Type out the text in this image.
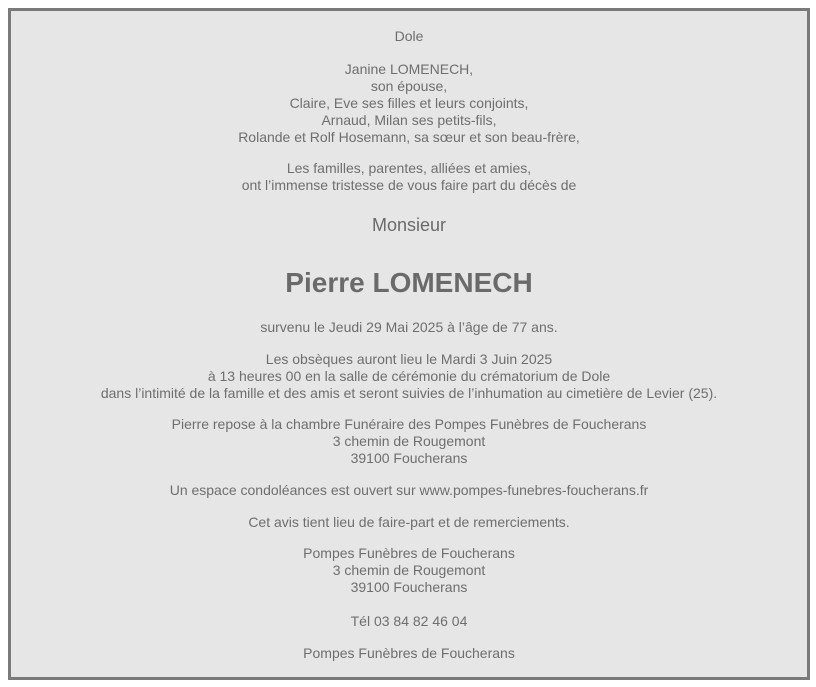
Dole
Janine LOMENECH,
son épouse,
Claire, Eve ses filles et leurs conjoints,
Arnaud, Milan ses petits-fils,
Rolande et Rolf Hosemann, sa sœur et son beau-frère,
Les familles, parentes, alliées et amies,
ont l’immense tristesse de vous faire part du décès de
Monsieur
Pierre LOMENECH
survenu le Jeudi 29 Mai 2025 à l’âge de 77 ans.
Les obsèques auront lieu le Mardi 3 Juin 2025
à 13 heures 00 en la salle de cérémonie du crématorium de Dole
dans l’intimité de la famille et des amis et seront suivies de l’inhumation au cimetière de Levier (25).
Pierre repose à la chambre Funéraire des Pompes Funèbres de Foucherans
3 chemin de Rougemont
39100 Foucherans
Un espace condoléances est ouvert sur www.pompes-funebres-foucherans.fr
Cet avis tient lieu de faire-part et de remerciements.
Pompes Funèbres de Foucherans
3 chemin de Rougemont
39100 Foucherans
Tél 03 84 82 46 04
Pompes Funèbres de Foucherans
